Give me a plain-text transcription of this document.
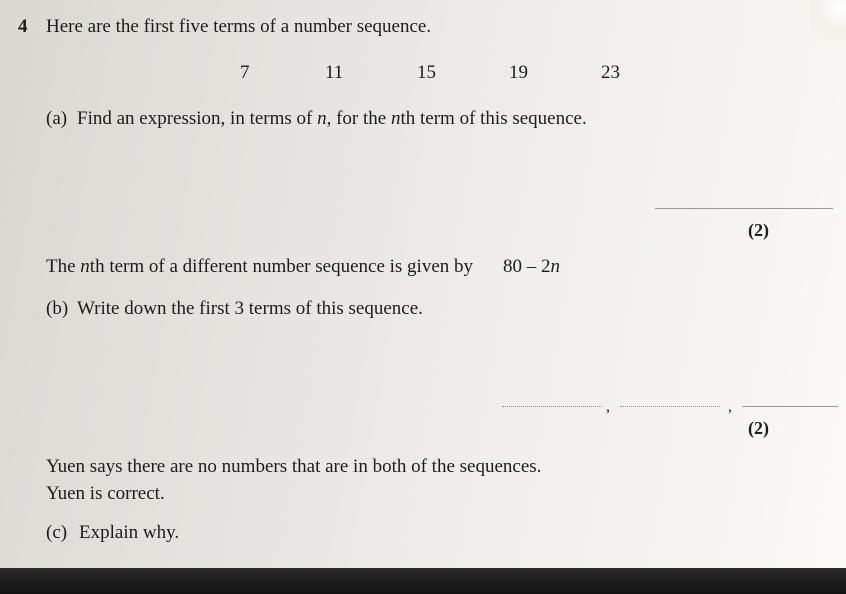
4 Here are the first five terms of a number sequence.
7	11	15	19	23
(a) Find an expression, in terms of n, for the nth term of this sequence.
(2)
The nth term of a different number sequence is given by 80 – 2n
(b) Write down the first 3 terms of this sequence.
,	,
(2)
Yuen says there are no numbers that are in both of the sequences.
Yuen is correct.
(c) Explain why.
